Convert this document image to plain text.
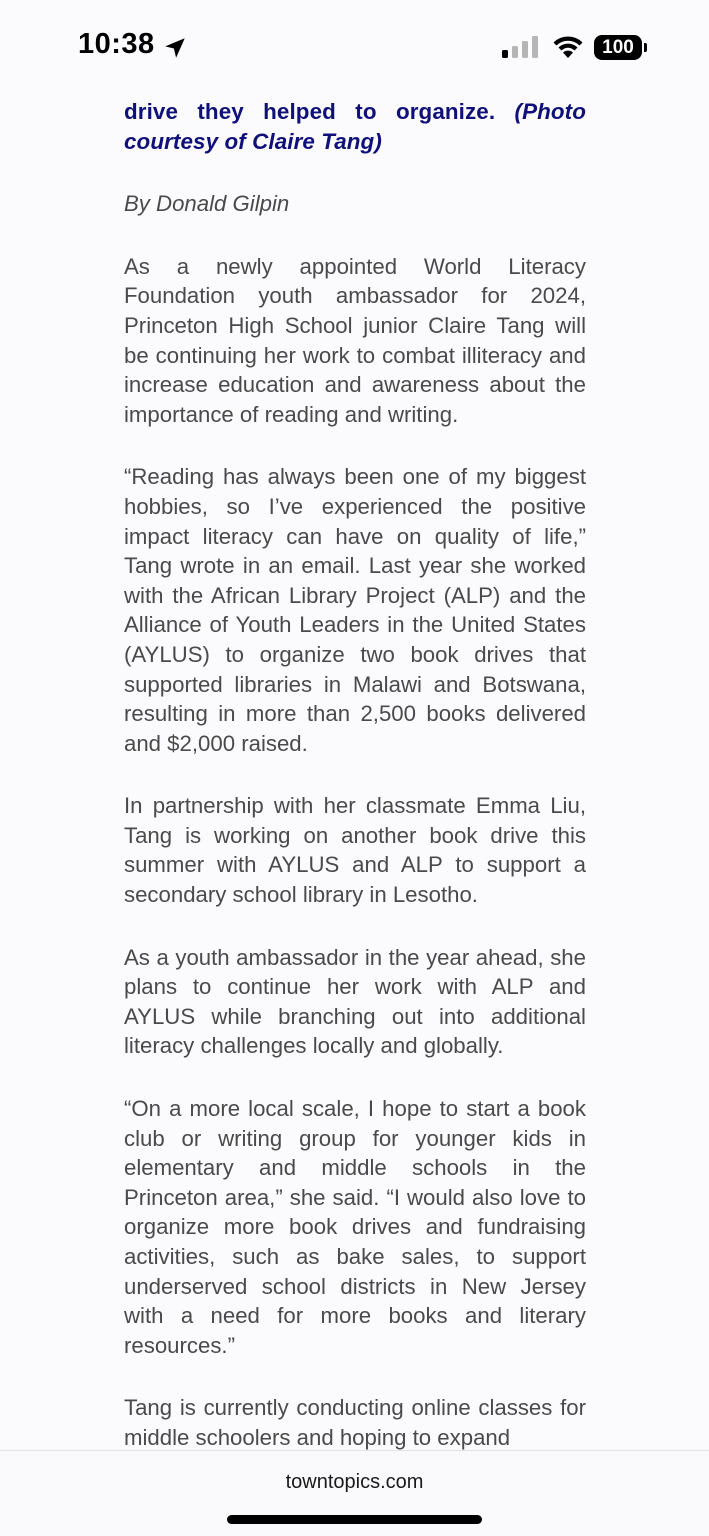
10:38	100

drive they helped to organize. (Photo courtesy of Claire Tang)

By Donald Gilpin

As a newly appointed World Literacy Foundation youth ambassador for 2024, Princeton High School junior Claire Tang will be continuing her work to combat illiteracy and increase education and awareness about the importance of reading and writing.

“Reading has always been one of my biggest hobbies, so I’ve experienced the positive impact literacy can have on quality of life,” Tang wrote in an email. Last year she worked with the African Library Project (ALP) and the Alliance of Youth Leaders in the United States (AYLUS) to organize two book drives that supported libraries in Malawi and Botswana, resulting in more than 2,500 books delivered and $2,000 raised.

In partnership with her classmate Emma Liu, Tang is working on another book drive this summer with AYLUS and ALP to support a secondary school library in Lesotho.

As a youth ambassador in the year ahead, she plans to continue her work with ALP and AYLUS while branching out into additional literacy challenges locally and globally.

“On a more local scale, I hope to start a book club or writing group for younger kids in elementary and middle schools in the Princeton area,” she said. “I would also love to organize more book drives and fundraising activities, such as bake sales, to support underserved school districts in New Jersey with a need for more books and literary resources.”

Tang is currently conducting online classes for middle schoolers and hoping to expand

towntopics.com
